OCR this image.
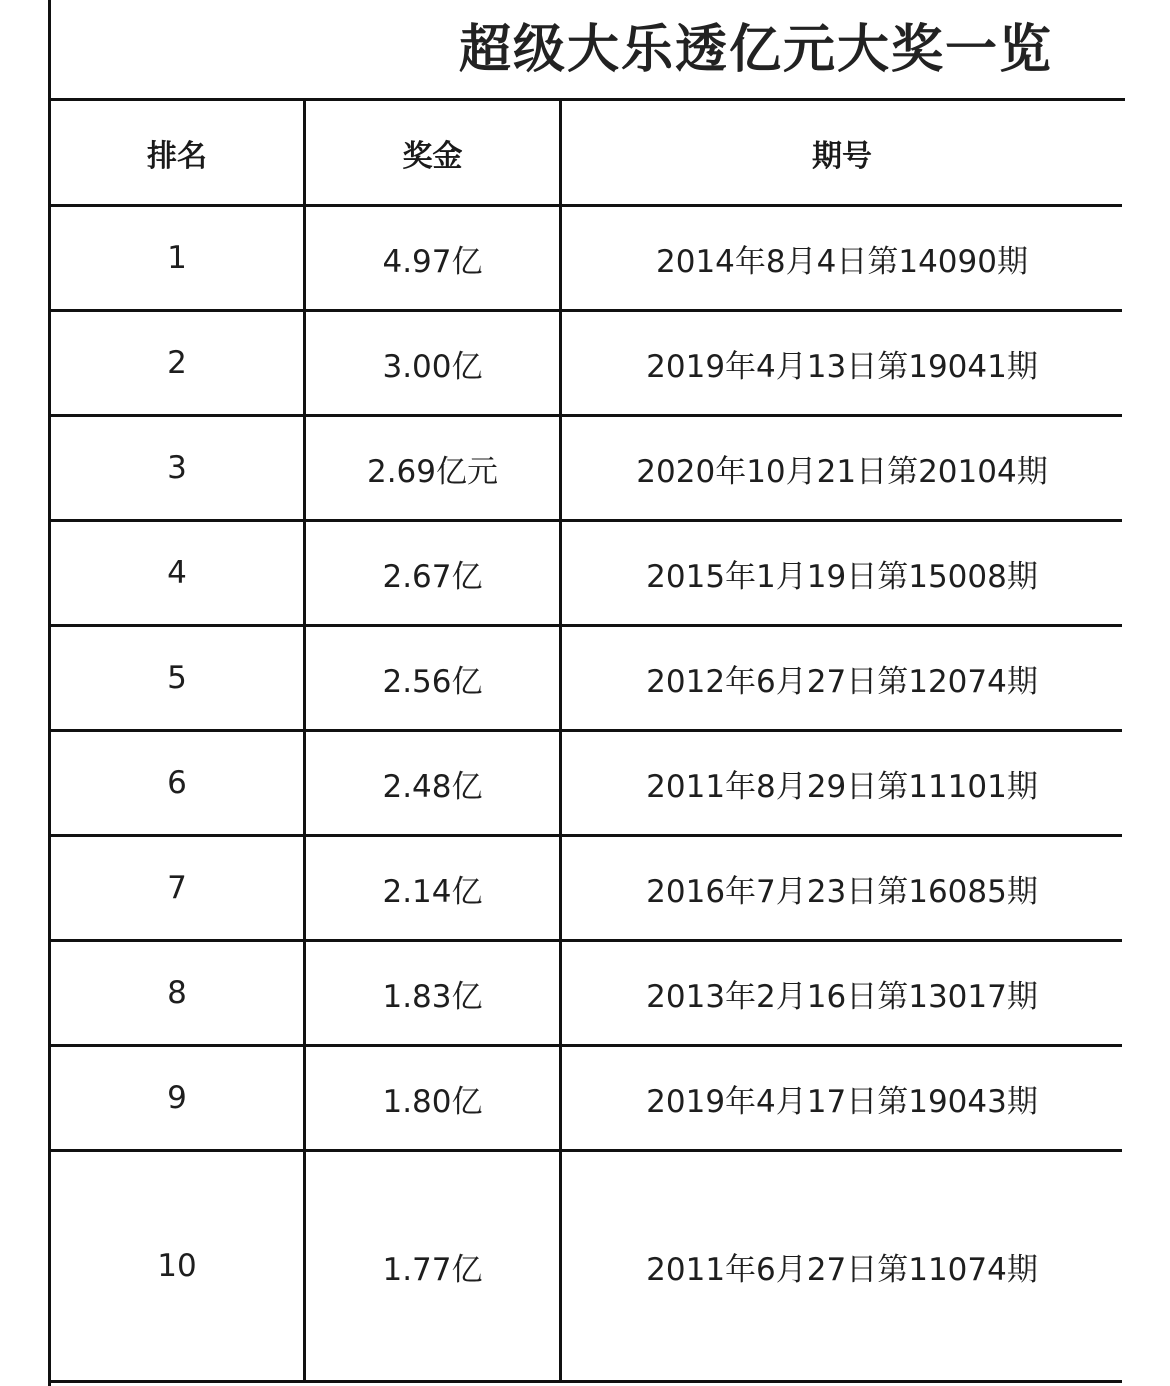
超级大乐透亿元大奖一览
排名	奖金	期号
1	4.97亿	2014年8月4日第14090期
2	3.00亿	2019年4月13日第19041期
3	2.69亿元	2020年10月21日第20104期
4	2.67亿	2015年1月19日第15008期
5	2.56亿	2012年6月27日第12074期
6	2.48亿	2011年8月29日第11101期
7	2.14亿	2016年7月23日第16085期
8	1.83亿	2013年2月16日第13017期
9	1.80亿	2019年4月17日第19043期
10	1.77亿	2011年6月27日第11074期
